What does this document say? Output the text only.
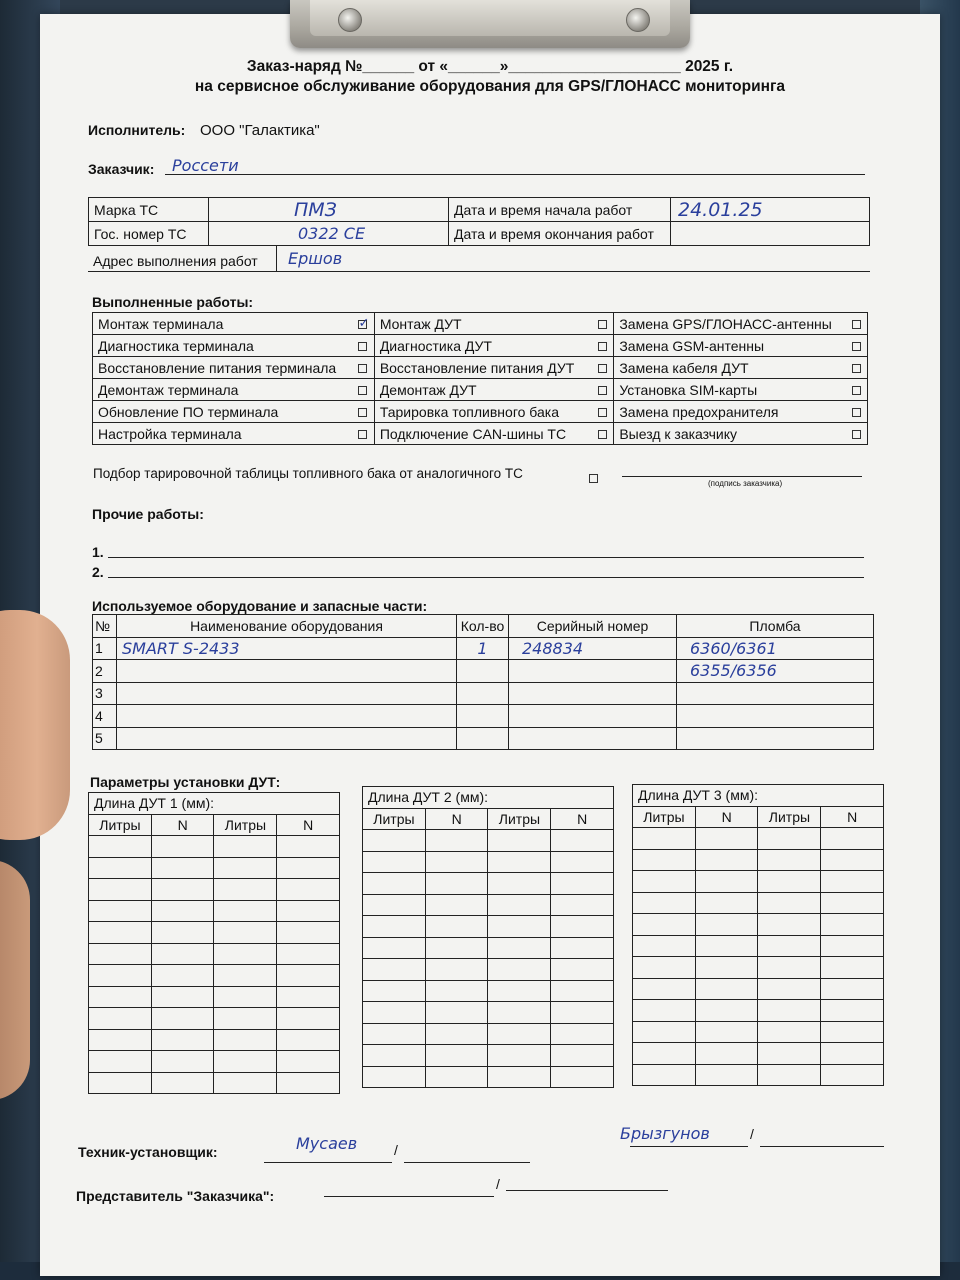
Заказ-наряд №______ от «______»____________________ 2025 г.
на сервисное обслуживание оборудования для GPS/ГЛОНАСС мониторинга
Исполнитель: ООО "Галактика"
Заказчик: Россети
Марка ТС	ПМЗ	Дата и время начала работ	24.01.25
Гос. номер ТС	0322 СЕ	Дата и время окончания работ	
Адрес выполнения работ Ершов
Выполненные работы:
Монтаж терминала	✓	Монтаж ДУТ		Замена GPS/ГЛОНАСС-антенны	
Диагностика терминала		Диагностика ДУТ		Замена GSM-антенны	
Восстановление питания терминала		Восстановление питания ДУТ		Замена кабеля ДУТ	
Демонтаж терминала		Демонтаж ДУТ		Установка SIM-карты	
Обновление ПО терминала		Тарировка топливного бака		Замена предохранителя	
Настройка терминала		Подключение CAN-шины ТС		Выезд к заказчику	
Подбор тарировочной таблицы топливного бака от аналогичного ТС
(подпись заказчика)
Прочие работы:
1.
2.
Используемое оборудование и запасные части:
№	Наименование оборудования	Кол-во	Серийный номер	Пломба
1	SMART S-2433	1	248834	6360/6361
2				6355/6356
3				
4				
5				
Параметры установки ДУТ:
Техник-установщик:	Мусаев	/
Брызгунов	/
Представитель "Заказчика":
/
Длина ДУТ 1 (мм):			
Литры	N	Литры	N

Длина ДУТ 2 (мм):			
Литры	N	Литры	N

Длина ДУТ 3 (мм):			
Литры	N	Литры	N
